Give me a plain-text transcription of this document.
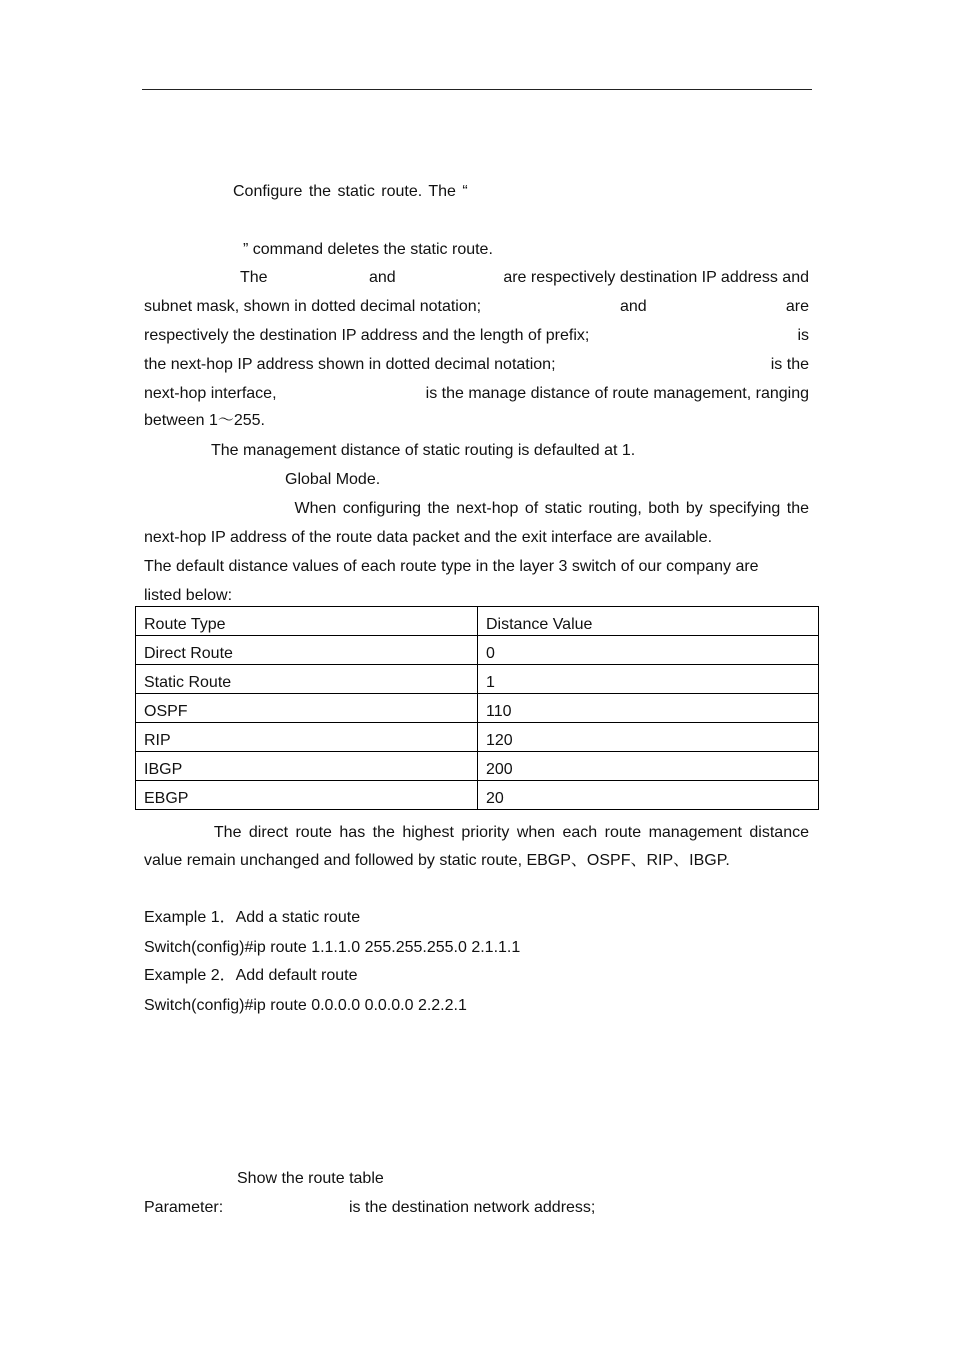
Configure the static route. The “
” command deletes the static route.
The	and	are respectively destination IP address and
subnet mask, shown in dotted decimal notation;	and	are
respectively the destination IP address and the length of prefix;	is
the next-hop IP address shown in dotted decimal notation;	is the
next-hop interface,	is the manage distance of route management, ranging
between 1～255.
The management distance of static routing is defaulted at 1.
Global Mode.
When configuring the next-hop of static routing, both by specifying the
next-hop IP address of the route data packet and the exit interface are available.
The default distance values of each route type in the layer 3 switch of our company are
listed below:
Route Type	Distance Value
Direct Route	0
Static Route	1
OSPF	110
RIP	120
IBGP	200
EBGP	20
The direct route has the highest priority when each route management distance
value remain unchanged and followed by static route, EBGP、OSPF、RIP、IBGP.
Example 1．Add a static route
Switch(config)#ip route 1.1.1.0 255.255.255.0 2.1.1.1
Example 2．Add default route
Switch(config)#ip route 0.0.0.0 0.0.0.0 2.2.2.1
Show the route table
Parameter:	is the destination network address;
